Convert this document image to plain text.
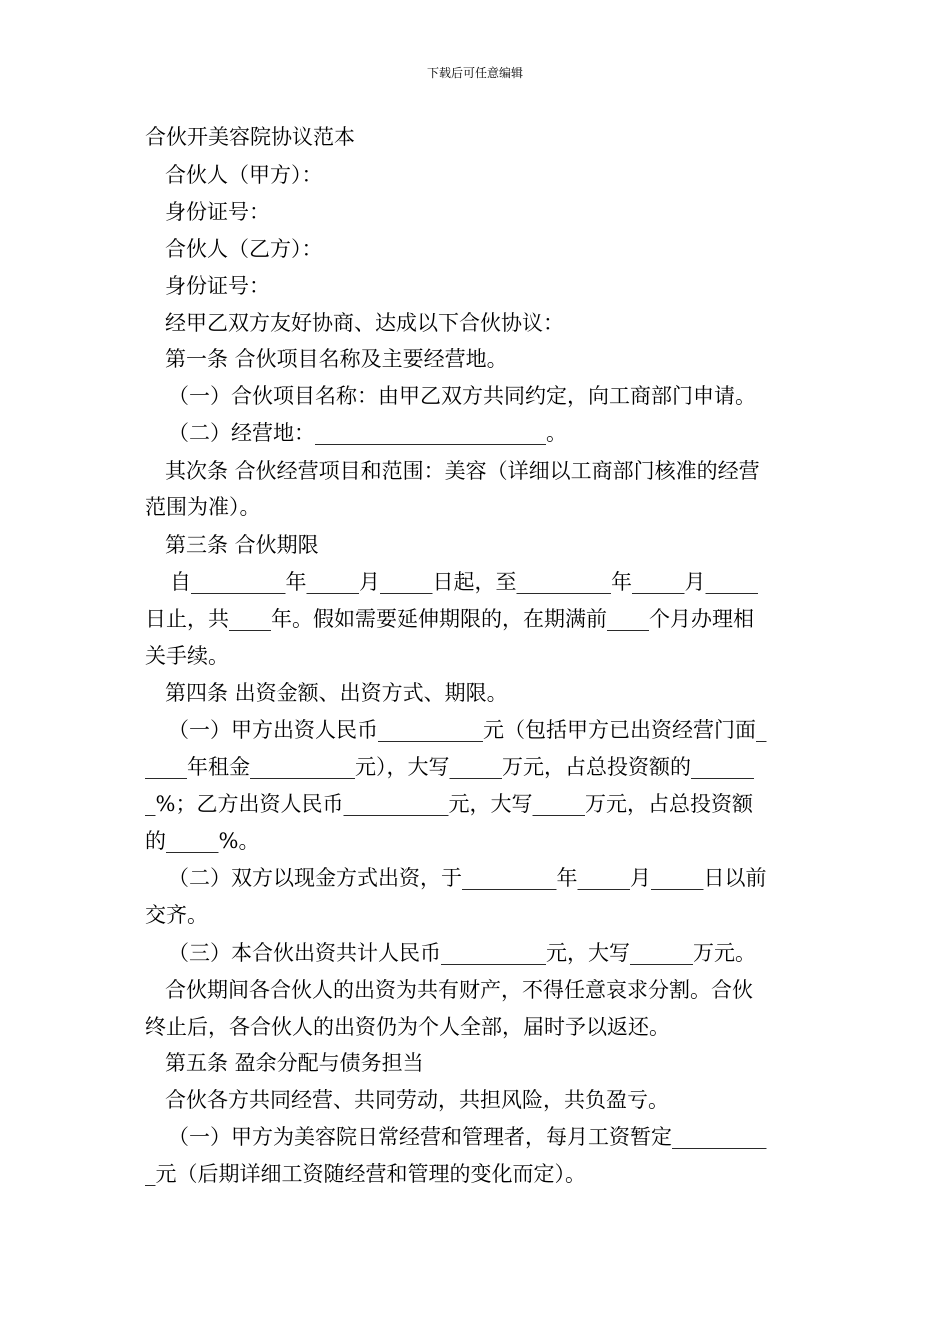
下载后可任意编辑
合伙开美容院协议范本
合伙人（甲方）：
身份证号：
合伙人（乙方）：
身份证号：
经甲乙双方友好协商、达成以下合伙协议：
第一条 合伙项目名称及主要经营地。
（一）合伙项目名称：由甲乙双方共同约定，向工商部门申请。
（二）经营地：______________________。
其次条 合伙经营项目和范围：美容（详细以工商部门核准的经营
范围为准）。
第三条 合伙期限
自_________年_____月_____日起，至_________年_____月_____
日止，共____年。假如需要延伸期限的，在期满前____个月办理相
关手续。
第四条 出资金额、出资方式、期限。
（一）甲方出资人民币__________元（包括甲方已出资经营门面_
____年租金__________元），大写_____万元，占总投资额的______
_%；乙方出资人民币__________元，大写_____万元，占总投资额
的_____%。
（二）双方以现金方式出资，于_________年_____月_____日以前
交齐。
（三）本合伙出资共计人民币__________元，大写______万元。
合伙期间各合伙人的出资为共有财产，不得任意哀求分割。合伙
终止后，各合伙人的出资仍为个人全部，届时予以返还。
第五条 盈余分配与债务担当
合伙各方共同经营、共同劳动，共担风险，共负盈亏。
（一）甲方为美容院日常经营和管理者，每月工资暂定_________
_元（后期详细工资随经营和管理的变化而定）。
